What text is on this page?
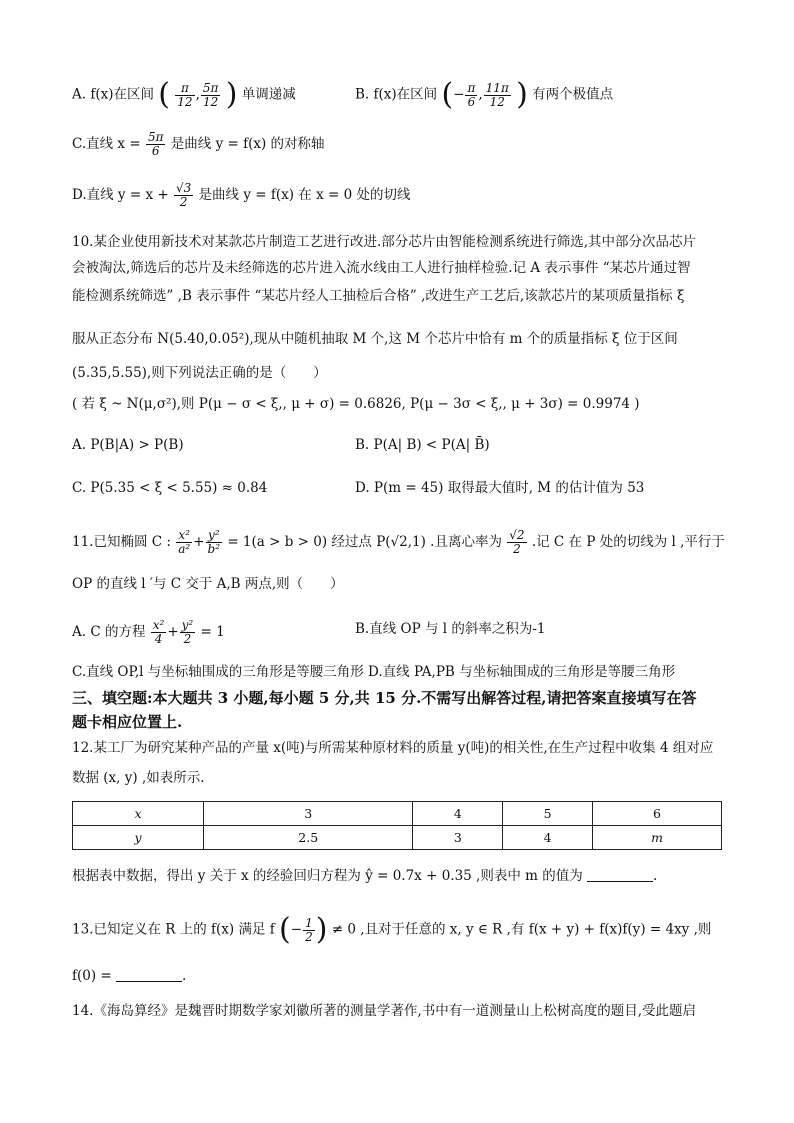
A. f(x)在区间 ( $\frac{\pi}{12}$ , $\frac{5\pi}{12}$ ) 单调递减	B. f(x)在区间 (− $\frac{\pi}{6}$ , $\frac{11\pi}{12}$ ) 有两个极值点
C.直线 $x = \frac{5\pi}{6}$ 是曲线 y = f(x) 的对称轴
D.直线 $y = x + \frac{√3}{2}$ 是曲线 y = f(x) 在 x = 0 处的切线
10.某企业使用新技术对某款芯片制造工艺进行改进.部分芯片由智能检测系统进行筛选,其中部分次品芯片
会被淘汰,筛选后的芯片及未经筛选的芯片进入流水线由工人进行抽样检验.记 A 表示事件 “某芯片通过智
能检测系统筛选” ,B 表示事件 “某芯片经人工抽检后合格” ,改进生产工艺后,该款芯片的某项质量指标 ξ
服从正态分布 N(5.40,0.05²),现从中随机抽取 M 个,这 M 个芯片中恰有 m 个的质量指标 ξ 位于区间
(5.35,5.55),则下列说法正确的是（　　）
( 若 ξ ~ N(μ,σ²),则 P(μ − σ < ξ,, μ + σ) = 0.6826, P(μ − 3σ < ξ,, μ + 3σ) = 0.9974 )
A. P(B|A) > P(B)	B. P(A| B) < P(A| B̄)
C. P(5.35 < ξ < 5.55) ≈ 0.84	D. P(m = 45) 取得最大值时, M 的估计值为 53
11.已知椭圆 C : $\frac{\text{x²}}{\text{a²}} + \frac{\text{y²}}{\text{b²}} = 1(a > b > 0)$ 经过点 P(√2,1) .且离心率为 $\frac{√2}{2}$ .记 C 在 P 处的切线为 l ,平行于
OP 的直线 l ′与 C 交于 A,B 两点,则（　　）
A. C 的方程 $\frac{\text{x²}}{4} + \frac{\text{y²}}{2} = 1$	B.直线 OP 与 l 的斜率之积为-1
C.直线 OP,l 与坐标轴围成的三角形是等腰三角形 D.直线 PA,PB 与坐标轴围成的三角形是等腰三角形
三、填空题:本大题共 3 小题,每小题 5 分,共 15 分.不需写出解答过程,请把答案直接填写在答
题卡相应位置上.
12.某工厂为研究某种产品的产量 x(吨)与所需某种原材料的质量 y(吨)的相关性,在生产过程中收集 4 组对应
数据 (x, y) ,如表所示.
x	3	4	5	6
y	2.5	3	4	m
根据表中数据，得出 y 关于 x 的经验回归方程为 ŷ = 0.7x + 0.35 ,则表中 m 的值为	.
13.已知定义在 R 上的 f(x) 满足 f (− $\frac{1}{2}$ ) ≠ 0 ,且对于任意的 x, y ∈ R ,有 f(x + y) + f(x)f(y) = 4xy ,则
f(0) =	.
14.《海岛算经》是魏晋时期数学家刘徽所著的测量学著作,书中有一道测量山上松树高度的题目,受此题启
